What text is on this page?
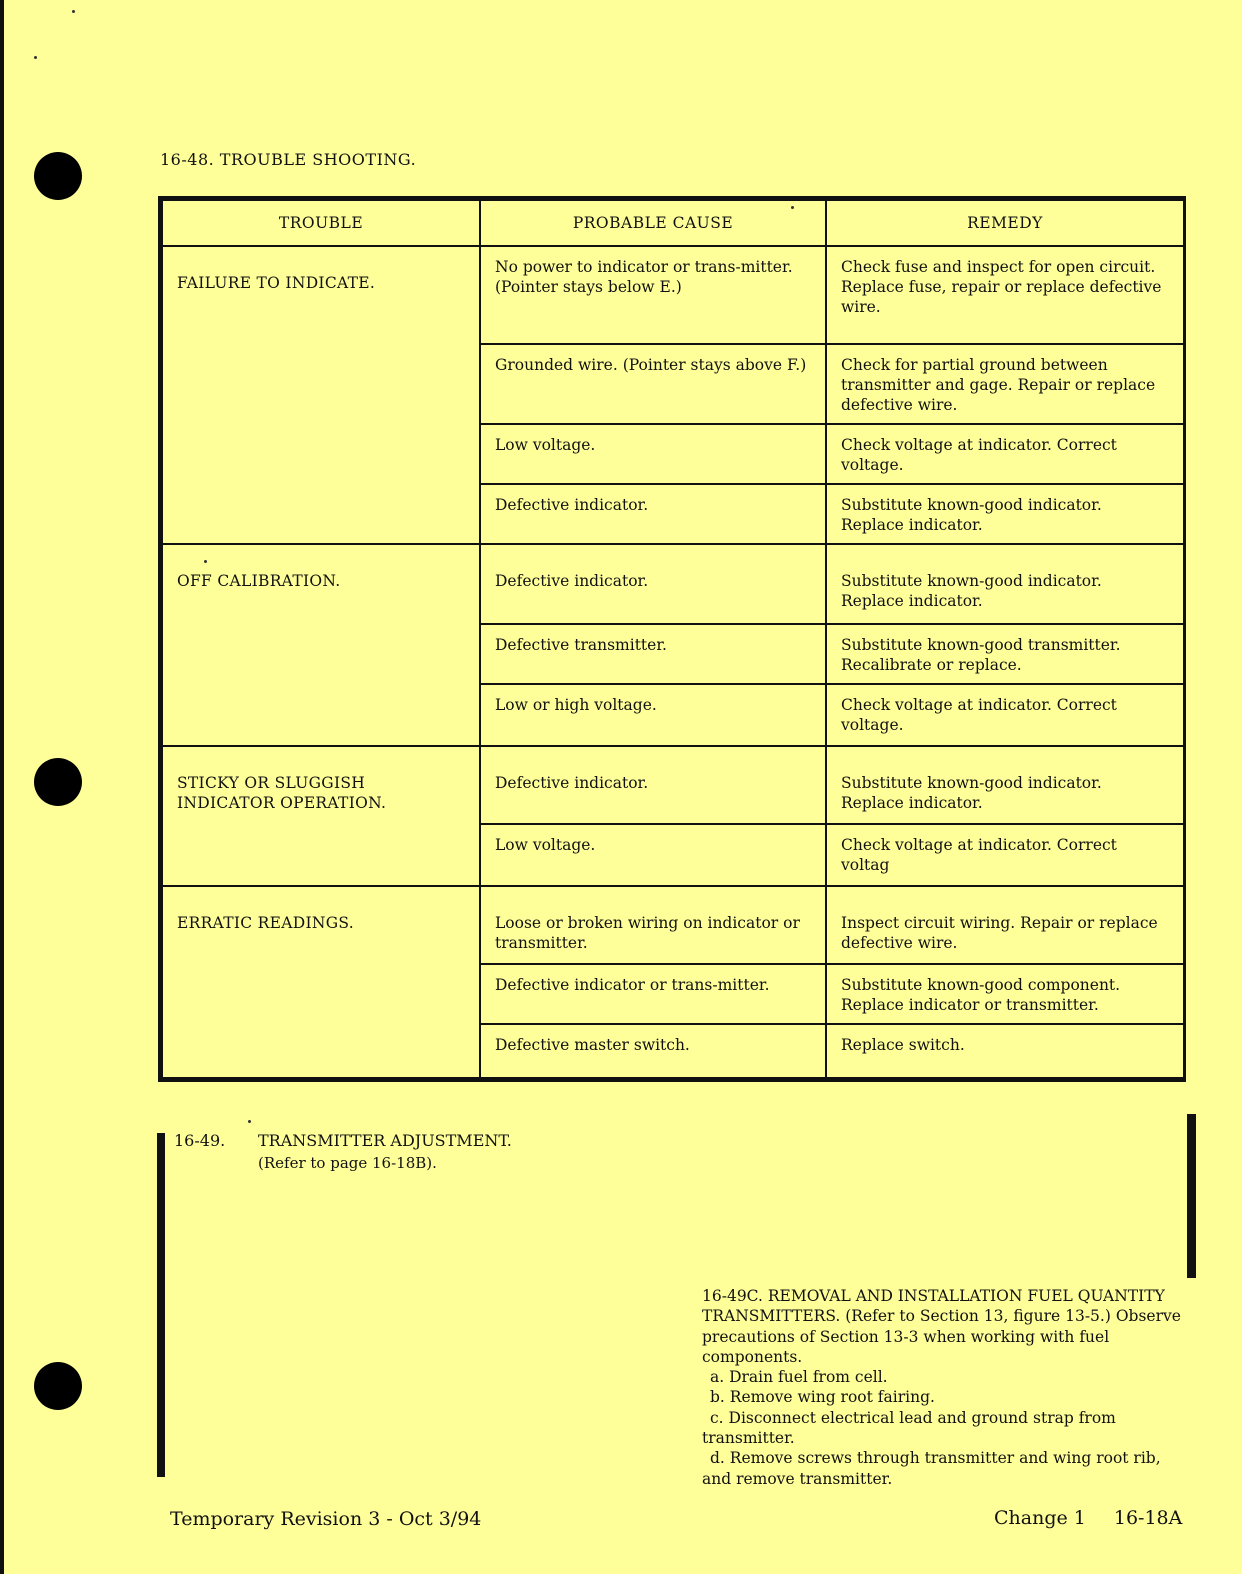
16-48. TROUBLE SHOOTING.
TROUBLE	PROBABLE CAUSE	REMEDY
FAILURE TO INDICATE.	No power to indicator or trans-mitter. (Pointer stays below E.)	Check fuse and inspect for open circuit. Replace fuse, repair or replace defective wire.
	Grounded wire. (Pointer stays above F.)	Check for partial ground between transmitter and gage. Repair or replace defective wire.
	Low voltage.	Check voltage at indicator. Correct voltage.
	Defective indicator.	Substitute known-good indicator. Replace indicator.
OFF CALIBRATION.	Defective indicator.	Substitute known-good indicator. Replace indicator.
	Defective transmitter.	Substitute known-good transmitter. Recalibrate or replace.
	Low or high voltage.	Check voltage at indicator. Correct voltage.
STICKY OR SLUGGISH INDICATOR OPERATION.	Defective indicator.	Substitute known-good indicator. Replace indicator.
	Low voltage.	Check voltage at indicator. Correct voltag
ERRATIC READINGS.	Loose or broken wiring on indicator or transmitter.	Inspect circuit wiring. Repair or replace defective wire.
	Defective indicator or trans-mitter.	Substitute known-good component. Replace indicator or transmitter.
	Defective master switch.	Replace switch.
16-49. TRANSMITTER ADJUSTMENT.
(Refer to page 16-18B).
16-49C. REMOVAL AND INSTALLATION FUEL QUANTITY TRANSMITTERS. (Refer to Section 13, figure 13-5.) Observe precautions of Section 13-3 when working with fuel components.
a. Drain fuel from cell.
b. Remove wing root fairing.
c. Disconnect electrical lead and ground strap from transmitter.
d. Remove screws through transmitter and wing root rib, and remove transmitter.
Temporary Revision 3 - Oct 3/94	Change 1 16-18A
